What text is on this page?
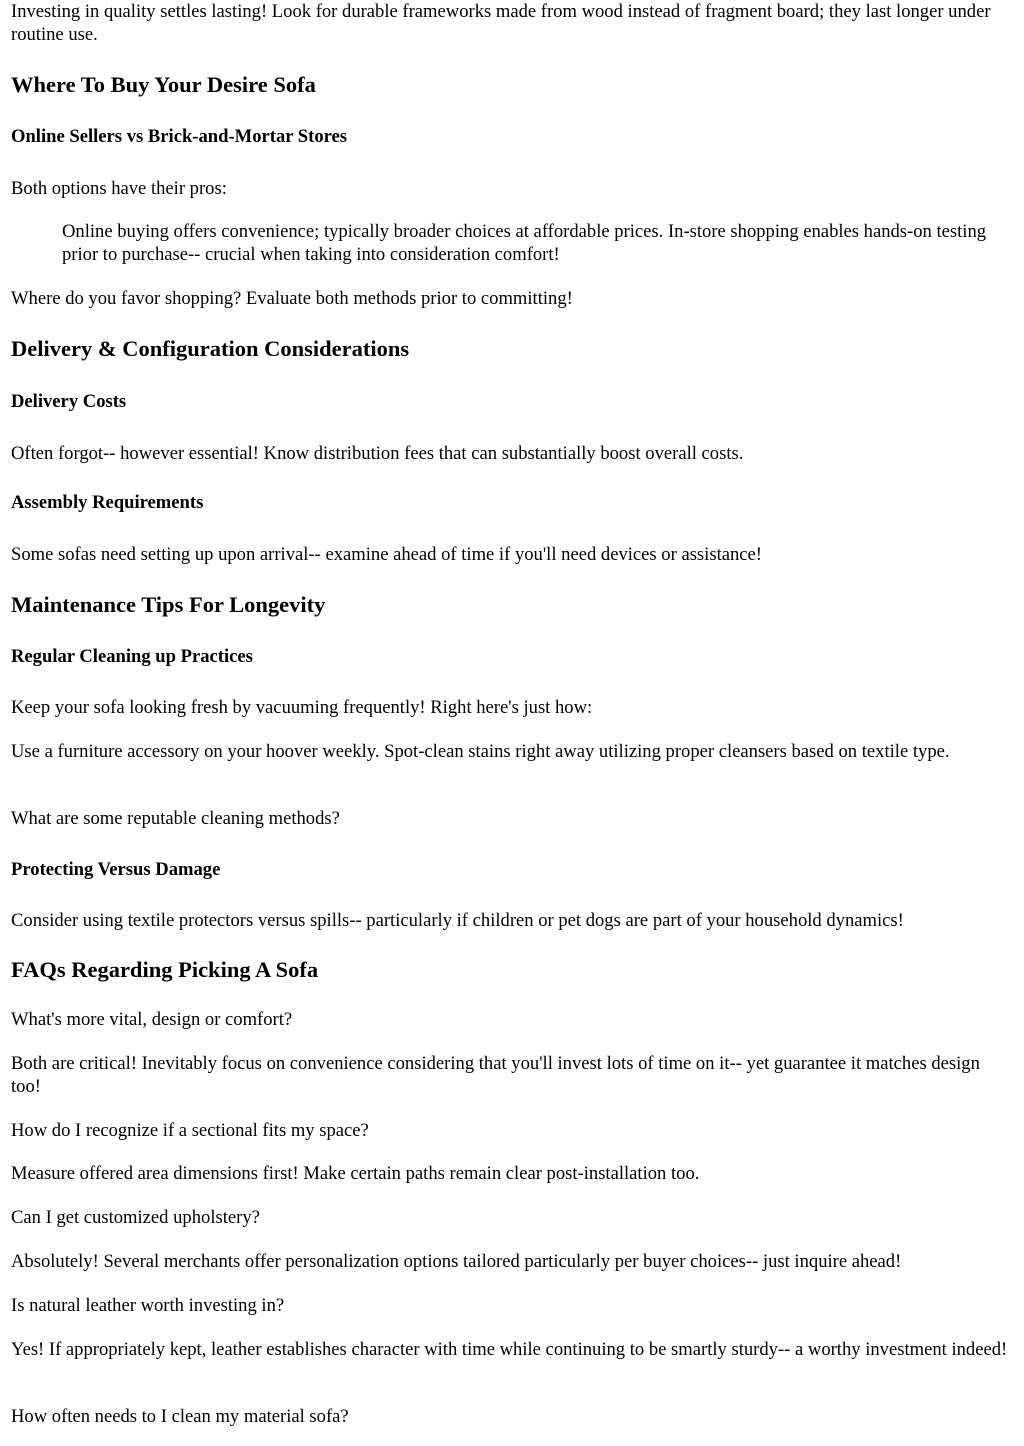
Investing in quality settles lasting! Look for durable frameworks made from wood instead of fragment board; they last longer under routine use.

Where To Buy Your Desire Sofa
Online Sellers vs Brick-and-Mortar Stores

Both options have their pros:

Online buying offers convenience; typically broader choices at affordable prices. In-store shopping enables hands-on testing prior to purchase-- crucial when taking into consideration comfort!

Where do you favor shopping? Evaluate both methods prior to committing!

Delivery & Configuration Considerations
Delivery Costs

Often forgot-- however essential! Know distribution fees that can substantially boost overall costs.

Assembly Requirements

Some sofas need setting up upon arrival-- examine ahead of time if you'll need devices or assistance!

Maintenance Tips For Longevity
Regular Cleaning up Practices

Keep your sofa looking fresh by vacuuming frequently! Right here's just how:

Use a furniture accessory on your hoover weekly. Spot-clean stains right away utilizing proper cleansers based on textile type.

What are some reputable cleaning methods?

Protecting Versus Damage

Consider using textile protectors versus spills-- particularly if children or pet dogs are part of your household dynamics!

FAQs Regarding Picking A Sofa

What's more vital, design or comfort?

Both are critical! Inevitably focus on convenience considering that you'll invest lots of time on it-- yet guarantee it matches design too!

How do I recognize if a sectional fits my space?

Measure offered area dimensions first! Make certain paths remain clear post-installation too.

Can I get customized upholstery?

Absolutely! Several merchants offer personalization options tailored particularly per buyer choices-- just inquire ahead!

Is natural leather worth investing in?

Yes! If appropriately kept, leather establishes character with time while continuing to be smartly sturdy-- a worthy investment indeed!

How often needs to I clean my material sofa?
